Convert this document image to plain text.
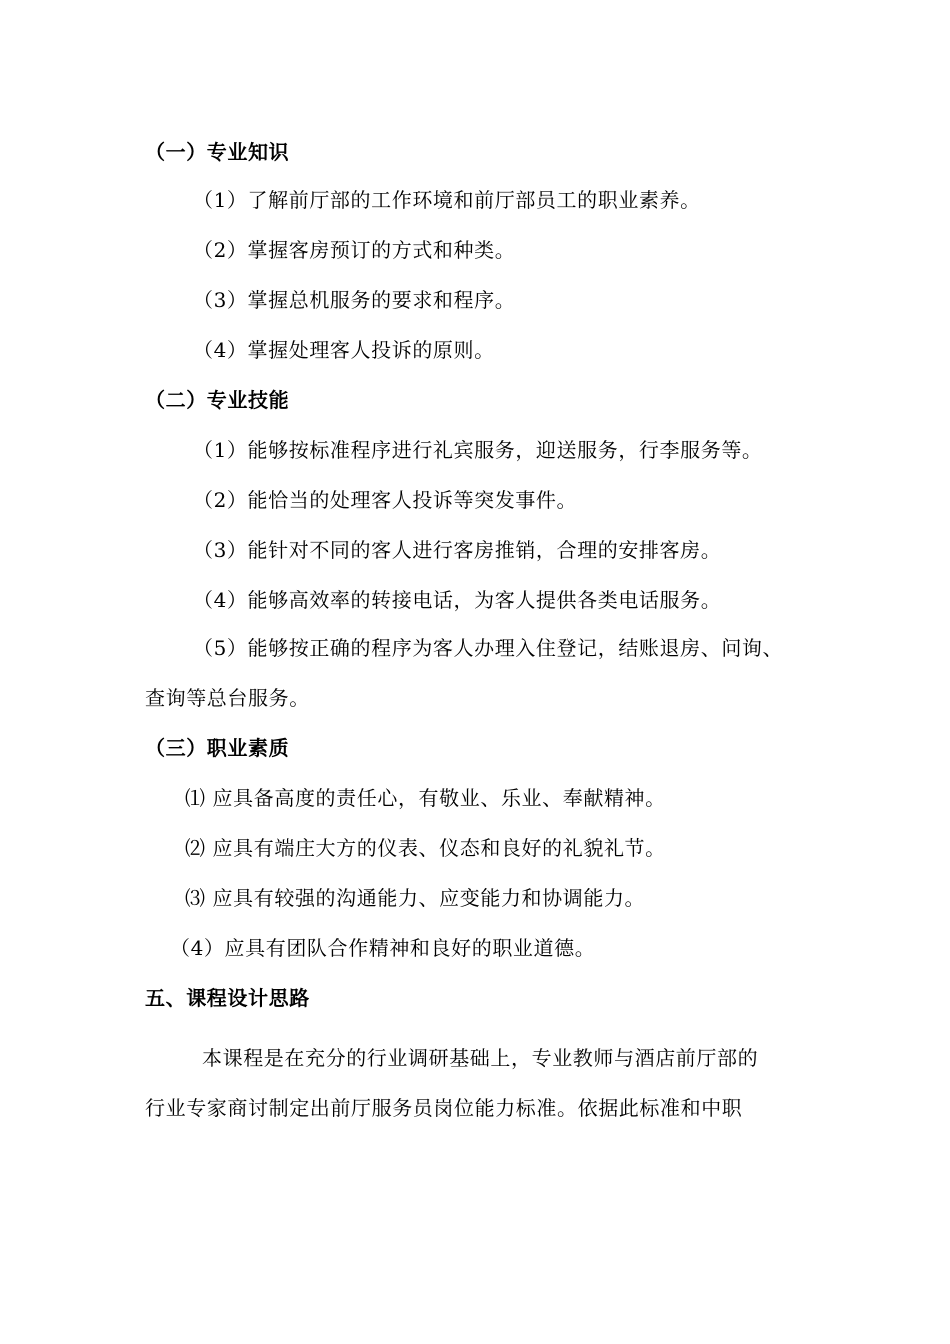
（一）专业知识
（1）了解前厅部的工作环境和前厅部员工的职业素养。
（2）掌握客房预订的方式和种类。
（3）掌握总机服务的要求和程序。
（4）掌握处理客人投诉的原则。
（二）专业技能
（1）能够按标准程序进行礼宾服务，迎送服务，行李服务等。
（2）能恰当的处理客人投诉等突发事件。
（3）能针对不同的客人进行客房推销，合理的安排客房。
（4）能够高效率的转接电话，为客人提供各类电话服务。
（5）能够按正确的程序为客人办理入住登记，结账退房、问询、
查询等总台服务。
（三）职业素质
⑴ 应具备高度的责任心，有敬业、乐业、奉献精神。
⑵ 应具有端庄大方的仪表、仪态和良好的礼貌礼节。
⑶ 应具有较强的沟通能力、应变能力和协调能力。
（4）应具有团队合作精神和良好的职业道德。
五、课程设计思路
本课程是在充分的行业调研基础上，专业教师与酒店前厅部的
行业专家商讨制定出前厅服务员岗位能力标准。依据此标准和中职
